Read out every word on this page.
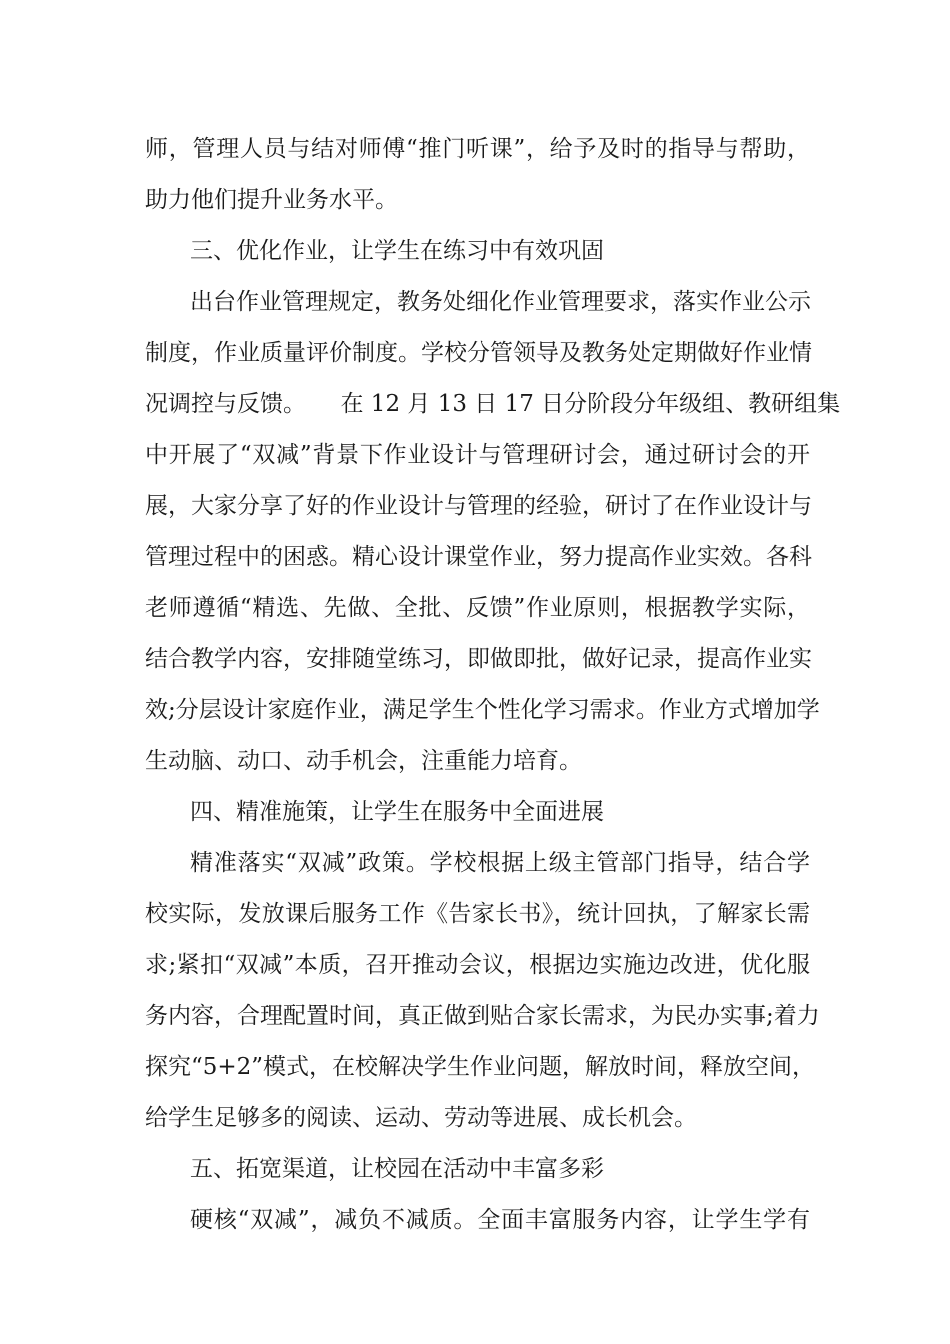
师，管理人员与结对师傅“推门听课”，给予及时的指导与帮助，
助力他们提升业务水平。
三、优化作业，让学生在练习中有效巩固
出台作业管理规定，教务处细化作业管理要求，落实作业公示
制度，作业质量评价制度。学校分管领导及教务处定期做好作业情
况调控与反馈。　　在 12 月 13 日 17 日分阶段分年级组、教研组集
中开展了“双减”背景下作业设计与管理研讨会，通过研讨会的开
展，大家分享了好的作业设计与管理的经验，研讨了在作业设计与
管理过程中的困惑。精心设计课堂作业，努力提高作业实效。各科
老师遵循“精选、先做、全批、反馈”作业原则，根据教学实际，
结合教学内容，安排随堂练习，即做即批，做好记录，提高作业实
效;分层设计家庭作业，满足学生个性化学习需求。作业方式增加学
生动脑、动口、动手机会，注重能力培育。
四、精准施策，让学生在服务中全面进展
精准落实“双减”政策。学校根据上级主管部门指导，结合学
校实际，发放课后服务工作《告家长书》，统计回执，了解家长需
求;紧扣“双减”本质，召开推动会议，根据边实施边改进，优化服
务内容，合理配置时间，真正做到贴合家长需求，为民办实事;着力
探究“5+2”模式，在校解决学生作业问题，解放时间，释放空间，
给学生足够多的阅读、运动、劳动等进展、成长机会。
五、拓宽渠道，让校园在活动中丰富多彩
硬核“双减”，减负不减质。全面丰富服务内容，让学生学有
